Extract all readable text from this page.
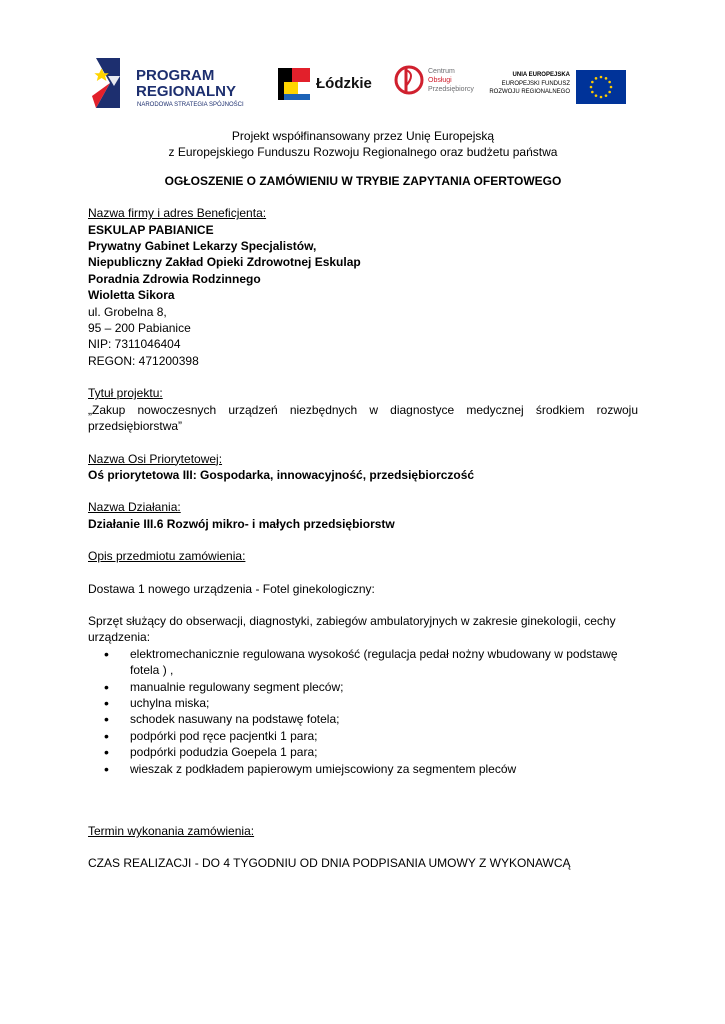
PROGRAM
REGIONALNY
NARODOWA STRATEGIA SPÓJNOŚCI
Łódzkie
Centrum
Obsługi
Przedsiębiorcy
UNIA EUROPEJSKA
EUROPEJSKI FUNDUSZ
ROZWOJU REGIONALNEGO
Projekt współfinansowany przez Unię Europejską
z Europejskiego Funduszu Rozwoju Regionalnego oraz budżetu państwa
OGŁOSZENIE O ZAMÓWIENIU W TRYBIE ZAPYTANIA OFERTOWEGO
Nazwa firmy i adres Beneficjenta:
ESKULAP PABIANICE
Prywatny Gabinet Lekarzy Specjalistów,
Niepubliczny Zakład Opieki Zdrowotnej Eskulap
Poradnia Zdrowia Rodzinnego
Wioletta Sikora
ul. Grobelna 8,
95 – 200 Pabianice
NIP: 7311046404
REGON: 471200398
Tytuł projektu:
„Zakup nowoczesnych urządzeń niezbędnych w diagnostyce medycznej środkiem rozwoju
przedsiębiorstwa”
Nazwa Osi Priorytetowej:
Oś priorytetowa III: Gospodarka, innowacyjność, przedsiębiorczość
Nazwa Działania:
Działanie III.6 Rozwój mikro- i małych przedsiębiorstw
Opis przedmiotu zamówienia:
Dostawa 1 nowego urządzenia - Fotel ginekologiczny:
Sprzęt służący do obserwacji, diagnostyki, zabiegów ambulatoryjnych w zakresie ginekologii, cechy urządzenia:
• elektromechanicznie regulowana wysokość (regulacja pedał nożny wbudowany w podstawę fotela ) ,
• manualnie regulowany segment pleców;
• uchylna miska;
• schodek nasuwany na podstawę fotela;
• podpórki pod ręce pacjentki 1 para;
• podpórki podudzia Goepela 1 para;
• wieszak z podkładem papierowym umiejscowiony za segmentem pleców
Termin wykonania zamówienia:
CZAS REALIZACJI - DO 4 TYGODNIU OD DNIA PODPISANIA UMOWY Z WYKONAWCĄ
